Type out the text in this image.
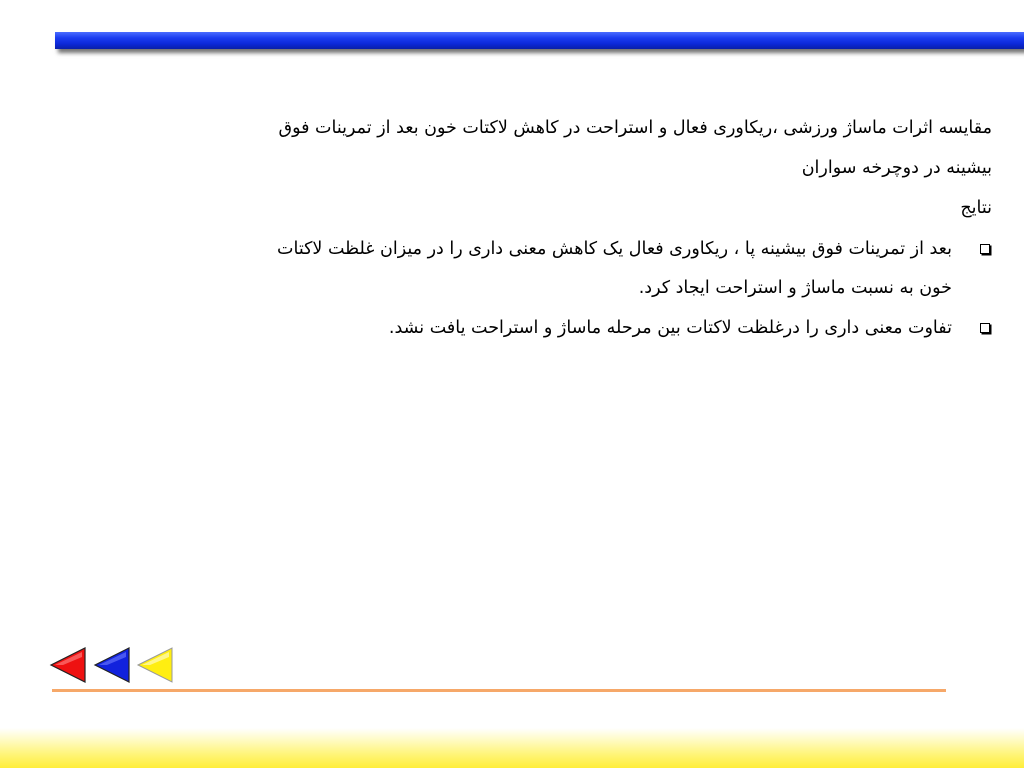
مقایسه اثرات ماساژ ورزشی ،ریکاوری فعال و استراحت در کاهش لاکتات خون بعد از تمرینات فوق
بیشینه در دوچرخه سواران

نتایج

بعد از تمرینات فوق بیشینه پا ، ریکاوری فعال یک کاهش معنی داری را در میزان غلظت لاکتات
خون به نسبت ماساژ و استراحت ایجاد کرد.
تفاوت معنی داری را درغلظت لاکتات بین مرحله ماساژ و استراحت یافت نشد.
